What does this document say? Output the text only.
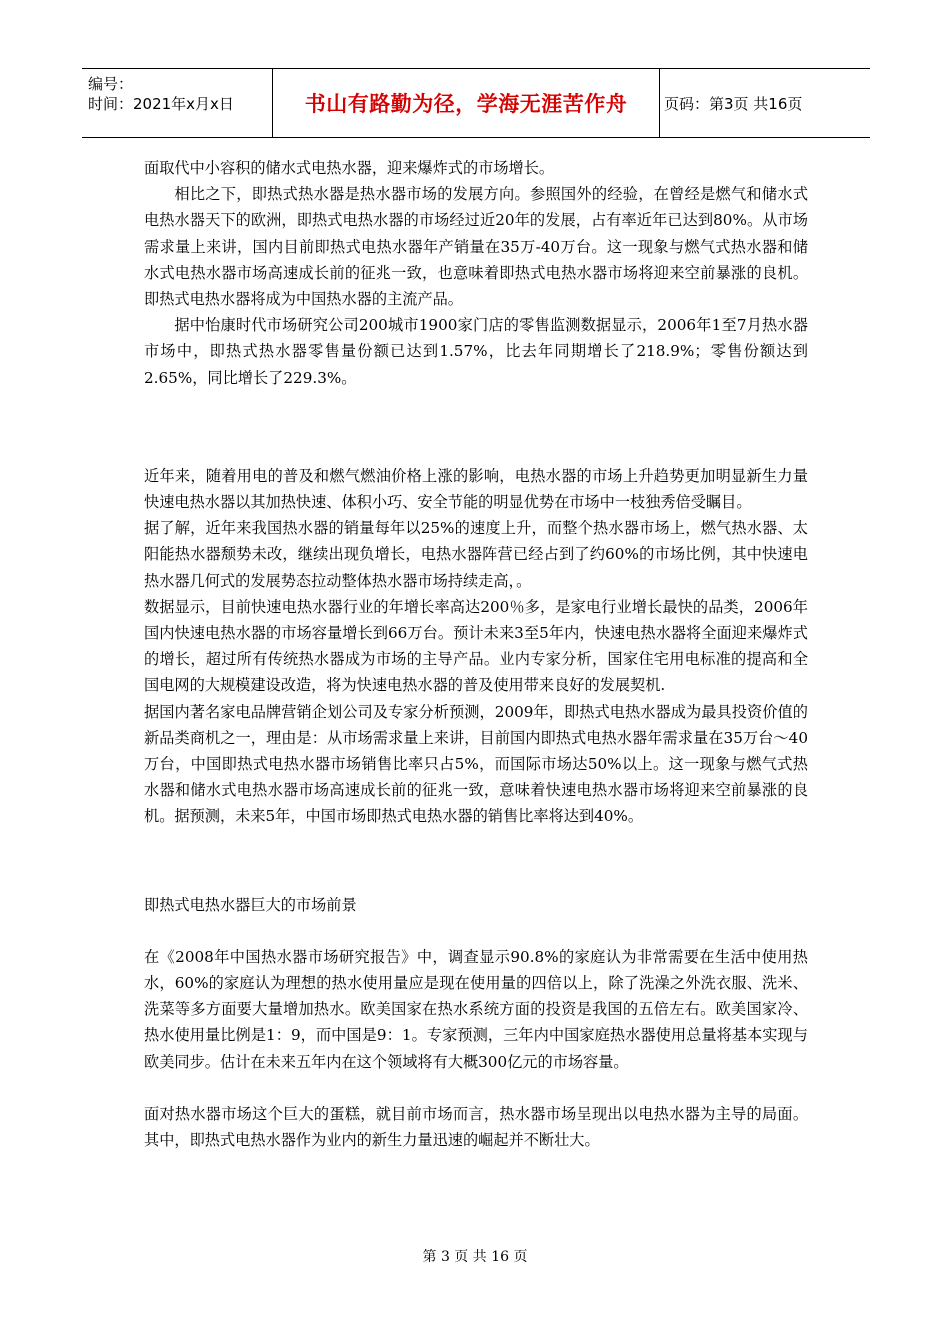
编号：
时间：2021年x月x日	书山有路勤为径，学海无涯苦作舟 页码：第3页 共16页

面取代中小容积的储水式电热水器，迎来爆炸式的市场增长。

相比之下，即热式热水器是热水器市场的发展方向。参照国外的经验，在曾经是燃气和储水式电热水器天下的欧洲，即热式电热水器的市场经过近20年的发展，占有率近年已达到80%。从市场需求量上来讲，国内目前即热式电热水器年产销量在35万-40万台。这一现象与燃气式热水器和储水式电热水器市场高速成长前的征兆一致，也意味着即热式电热水器市场将迎来空前暴涨的良机。即热式电热水器将成为中国热水器的主流产品。

据中怡康时代市场研究公司200城市1900家门店的零售监测数据显示，2006年1至7月热水器市场中，即热式热水器零售量份额已达到1.57%，比去年同期增长了218.9%；零售份额达到2.65%，同比增长了229.3%。

近年来，随着用电的普及和燃气燃油价格上涨的影响，电热水器的市场上升趋势更加明显新生力量快速电热水器以其加热快速、体积小巧、安全节能的明显优势在市场中一枝独秀倍受瞩目。

据了解，近年来我国热水器的销量每年以25%的速度上升，而整个热水器市场上，燃气热水器、太阳能热水器颓势未改，继续出现负增长，电热水器阵营已经占到了约60%的市场比例，其中快速电热水器几何式的发展势态拉动整体热水器市场持续走高，。

数据显示，目前快速电热水器行业的年增长率高达200％多，是家电行业增长最快的品类，2006年国内快速电热水器的市场容量增长到66万台。预计未来3至5年内，快速电热水器将全面迎来爆炸式的增长，超过所有传统热水器成为市场的主导产品。业内专家分析，国家住宅用电标准的提高和全国电网的大规模建设改造，将为快速电热水器的普及使用带来良好的发展契机.

据国内著名家电品牌营销企划公司及专家分析预测，2009年，即热式电热水器成为最具投资价值的新品类商机之一，理由是：从市场需求量上来讲，目前国内即热式电热水器年需求量在35万台～40万台，中国即热式电热水器市场销售比率只占5%，而国际市场达50%以上。这一现象与燃气式热水器和储水式电热水器市场高速成长前的征兆一致，意味着快速电热水器市场将迎来空前暴涨的良机。据预测，未来5年，中国市场即热式电热水器的销售比率将达到40%。

即热式电热水器巨大的市场前景

在《2008年中国热水器市场研究报告》中，调查显示90.8%的家庭认为非常需要在生活中使用热水，60%的家庭认为理想的热水使用量应是现在使用量的四倍以上，除了洗澡之外洗衣服、洗米、洗菜等多方面要大量增加热水。欧美国家在热水系统方面的投资是我国的五倍左右。欧美国家冷、热水使用量比例是1：9，而中国是9：1。专家预测，三年内中国家庭热水器使用总量将基本实现与欧美同步。估计在未来五年内在这个领域将有大概300亿元的市场容量。

面对热水器市场这个巨大的蛋糕，就目前市场而言，热水器市场呈现出以电热水器为主导的局面。其中，即热式电热水器作为业内的新生力量迅速的崛起并不断壮大。

第 3 页 共 16 页
